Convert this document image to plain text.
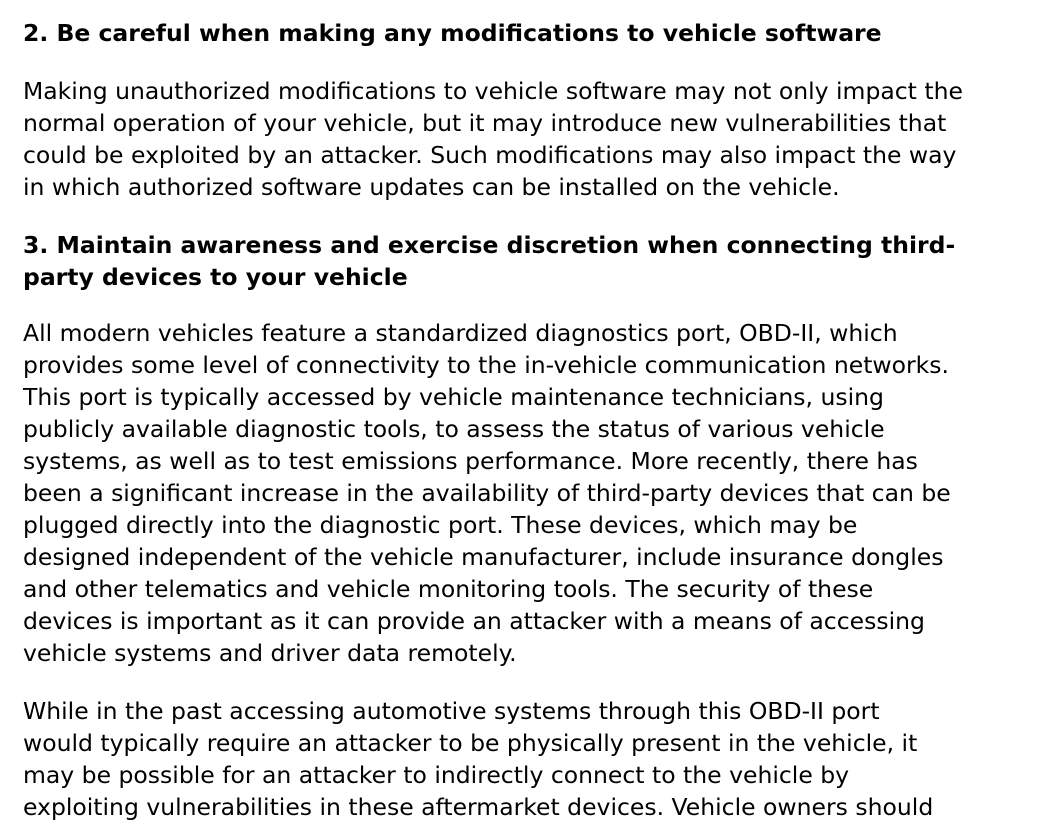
2. Be careful when making any modifications to vehicle software

Making unauthorized modifications to vehicle software may not only impact the
normal operation of your vehicle, but it may introduce new vulnerabilities that
could be exploited by an attacker. Such modifications may also impact the way
in which authorized software updates can be installed on the vehicle.

3. Maintain awareness and exercise discretion when connecting third-
party devices to your vehicle

All modern vehicles feature a standardized diagnostics port, OBD-II, which
provides some level of connectivity to the in-vehicle communication networks.
This port is typically accessed by vehicle maintenance technicians, using
publicly available diagnostic tools, to assess the status of various vehicle
systems, as well as to test emissions performance. More recently, there has
been a significant increase in the availability of third-party devices that can be
plugged directly into the diagnostic port. These devices, which may be
designed independent of the vehicle manufacturer, include insurance dongles
and other telematics and vehicle monitoring tools. The security of these
devices is important as it can provide an attacker with a means of accessing
vehicle systems and driver data remotely.

While in the past accessing automotive systems through this OBD-II port
would typically require an attacker to be physically present in the vehicle, it
may be possible for an attacker to indirectly connect to the vehicle by
exploiting vulnerabilities in these aftermarket devices. Vehicle owners should
